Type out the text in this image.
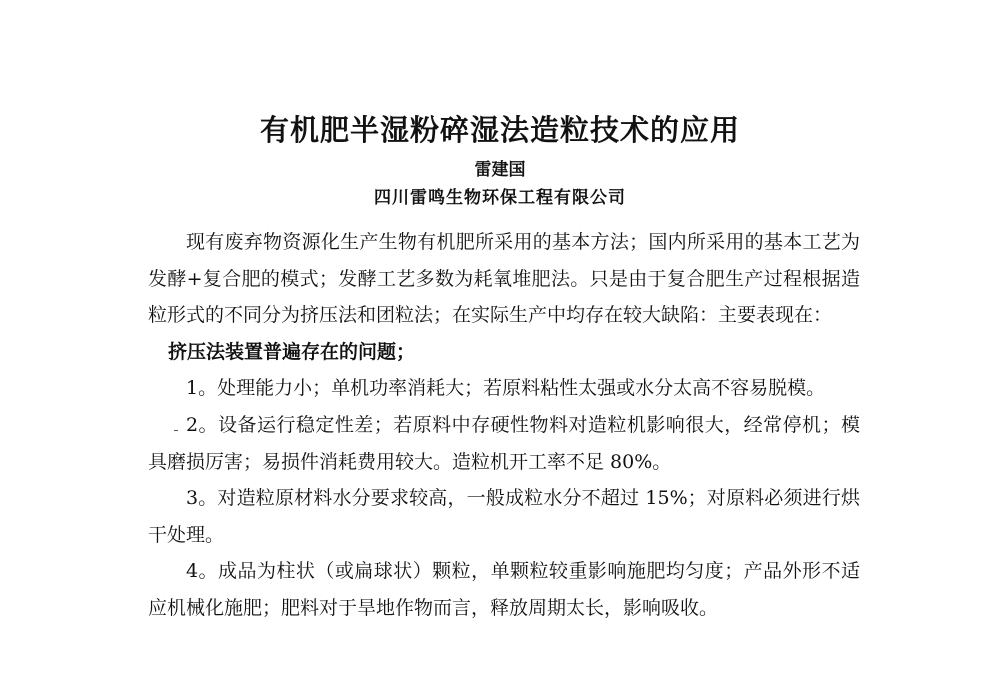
有机肥半湿粉碎湿法造粒技术的应用
雷建国
四川雷鸣生物环保工程有限公司

现有废弃物资源化生产生物有机肥所采用的基本方法；国内所采用的基本工艺为发酵+复合肥的模式；发酵工艺多数为耗氧堆肥法。只是由于复合肥生产过程根据造粒形式的不同分为挤压法和团粒法；在实际生产中均存在较大缺陷：主要表现在：

挤压法装置普遍存在的问题；

1。处理能力小；单机功率消耗大；若原料粘性太强或水分太高不容易脱模。

2。设备运行稳定性差；若原料中存硬性物料对造粒机影响很大，经常停机；模具磨损厉害；易损件消耗费用较大。造粒机开工率不足 80%。

3。对造粒原材料水分要求较高，一般成粒水分不超过 15%；对原料必须进行烘干处理。

4。成品为柱状（或扁球状）颗粒，单颗粒较重影响施肥均匀度；产品外形不适应机械化施肥；肥料对于旱地作物而言，释放周期太长，影响吸收。
